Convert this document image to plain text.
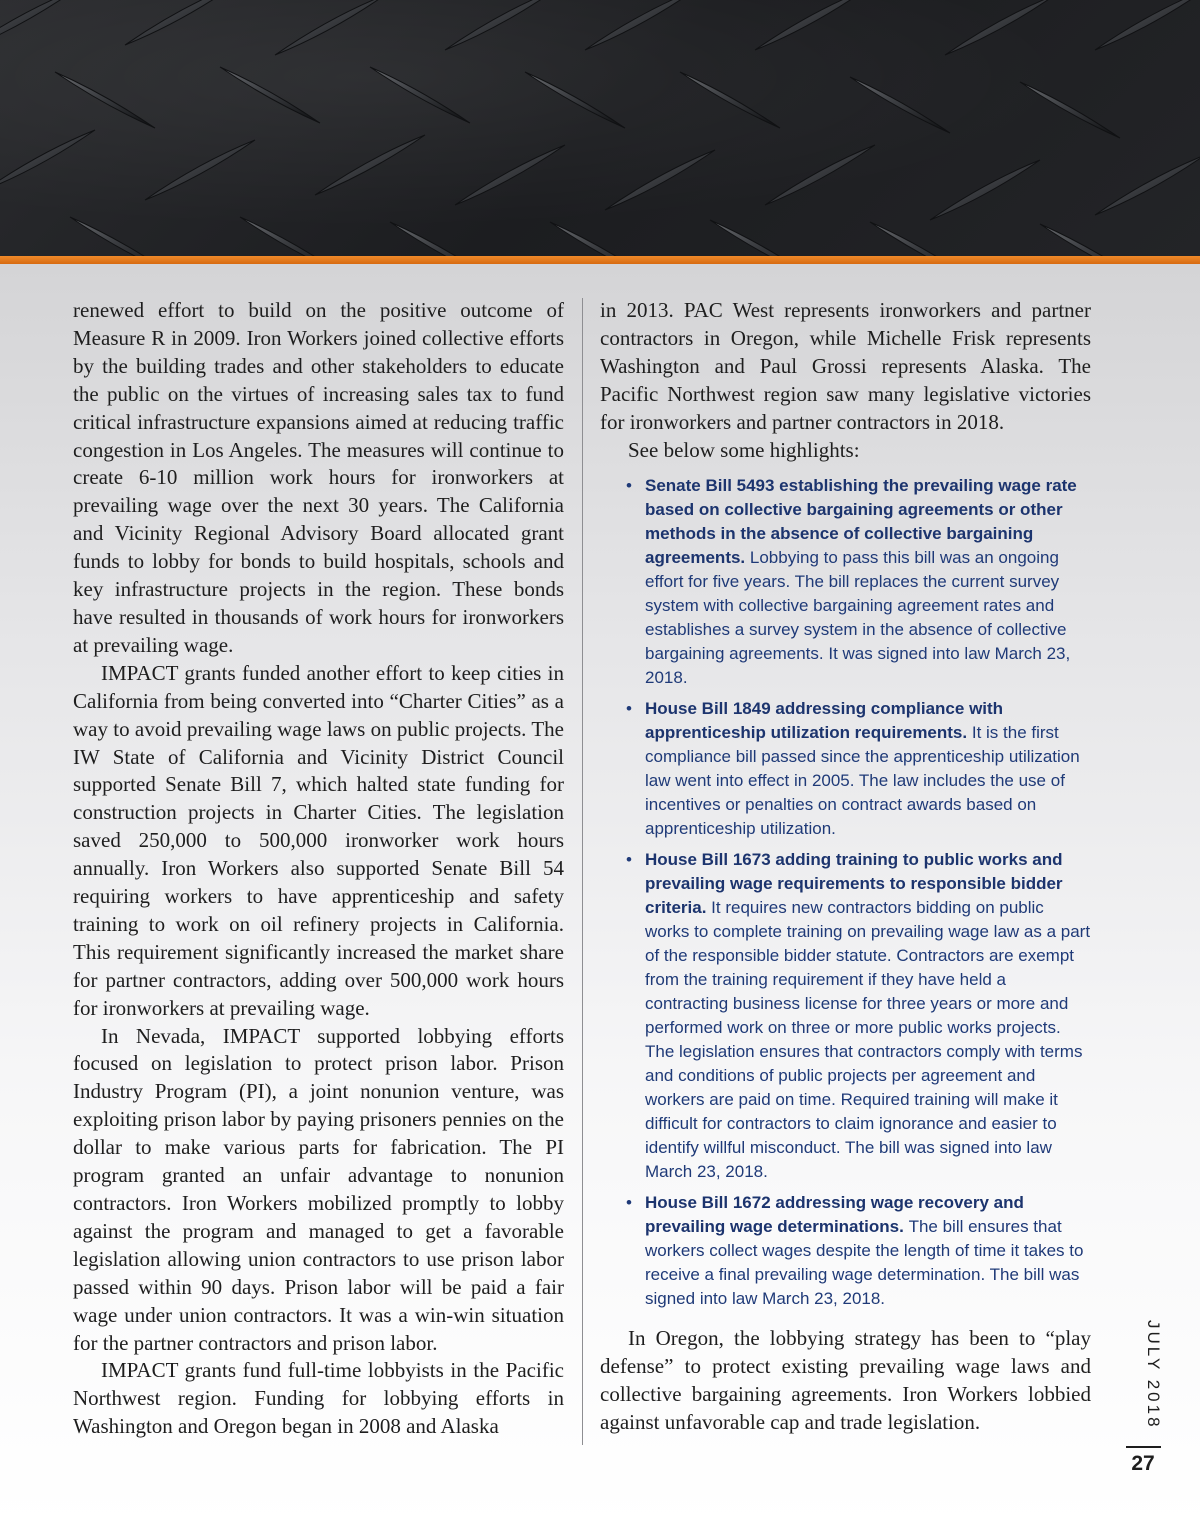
renewed effort to build on the positive outcome of Measure R in 2009. Iron Workers joined collective efforts by the building trades and other stakeholders to educate the public on the virtues of increasing sales tax to fund critical infrastructure expansions aimed at reducing traffic congestion in Los Angeles. The measures will continue to create 6-10 million work hours for ironworkers at prevailing wage over the next 30 years. The California and Vicinity Regional Advisory Board allocated grant funds to lobby for bonds to build hospitals, schools and key infrastructure projects in the region. These bonds have resulted in thousands of work hours for ironworkers at prevailing wage.

IMPACT grants funded another effort to keep cities in California from being converted into “Charter Cities” as a way to avoid prevailing wage laws on public projects. The IW State of California and Vicinity District Council supported Senate Bill 7, which halted state funding for construction projects in Charter Cities. The legislation saved 250,000 to 500,000 ironworker work hours annually. Iron Workers also supported Senate Bill 54 requiring workers to have apprenticeship and safety training to work on oil refinery projects in California. This requirement significantly increased the market share for partner contractors, adding over 500,000 work hours for ironworkers at prevailing wage.

In Nevada, IMPACT supported lobbying efforts focused on legislation to protect prison labor. Prison Industry Program (PI), a joint nonunion venture, was exploiting prison labor by paying prisoners pennies on the dollar to make various parts for fabrication. The PI program granted an unfair advantage to nonunion contractors. Iron Workers mobilized promptly to lobby against the program and managed to get a favorable legislation allowing union contractors to use prison labor passed within 90 days. Prison labor will be paid a fair wage under union contractors. It was a win-win situation for the partner contractors and prison labor.

IMPACT grants fund full-time lobbyists in the Pacific Northwest region. Funding for lobbying efforts in Washington and Oregon began in 2008 and Alaska

in 2013. PAC West represents ironworkers and partner contractors in Oregon, while Michelle Frisk represents Washington and Paul Grossi represents Alaska. The Pacific Northwest region saw many legislative victories for ironworkers and partner contractors in 2018.

See below some highlights:

• Senate Bill 5493 establishing the prevailing wage rate based on collective bargaining agreements or other methods in the absence of collective bargaining agreements. Lobbying to pass this bill was an ongoing effort for five years. The bill replaces the current survey system with collective bargaining agreement rates and establishes a survey system in the absence of collective bargaining agreements. It was signed into law March 23, 2018.
• House Bill 1849 addressing compliance with apprenticeship utilization requirements. It is the first compliance bill passed since the apprenticeship utilization law went into effect in 2005. The law includes the use of incentives or penalties on contract awards based on apprenticeship utilization.
• House Bill 1673 adding training to public works and prevailing wage requirements to responsible bidder criteria. It requires new contractors bidding on public works to complete training on prevailing wage law as a part of the responsible bidder statute. Contractors are exempt from the training requirement if they have held a contracting business license for three years or more and performed work on three or more public works projects. The legislation ensures that contractors comply with terms and conditions of public projects per agreement and workers are paid on time. Required training will make it difficult for contractors to claim ignorance and easier to identify willful misconduct. The bill was signed into law March 23, 2018.
• House Bill 1672 addressing wage recovery and prevailing wage determinations. The bill ensures that workers collect wages despite the length of time it takes to receive a final prevailing wage determination. The bill was signed into law March 23, 2018.

In Oregon, the lobbying strategy has been to “play defense” to protect existing prevailing wage laws and collective bargaining agreements. Iron Workers lobbied against unfavorable cap and trade legislation.	JULY 2018
27
